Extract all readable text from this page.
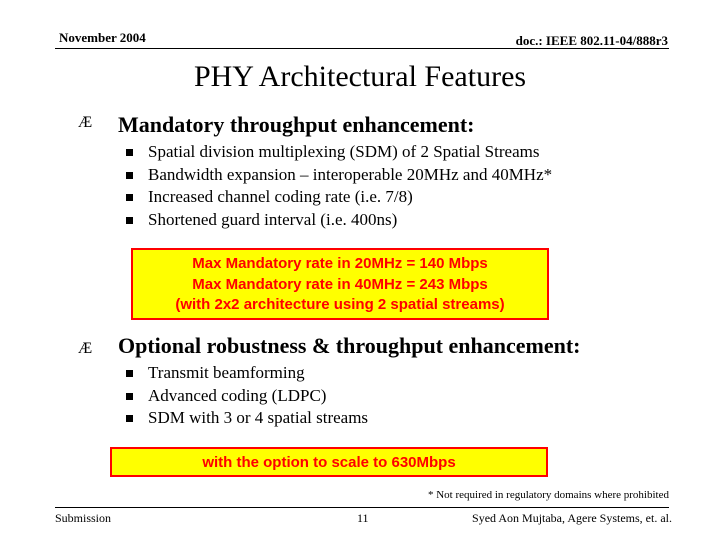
November 2004	doc.: IEEE 802.11-04/888r3
PHY Architectural Features
Æ Mandatory throughput enhancement:
Spatial division multiplexing (SDM) of 2 Spatial Streams
Bandwidth expansion – interoperable 20MHz and 40MHz*
Increased channel coding rate (i.e. 7/8)
Shortened guard interval (i.e. 400ns)
Max Mandatory rate in 20MHz = 140 Mbps
Max Mandatory rate in 40MHz = 243 Mbps
(with 2x2 architecture using 2 spatial streams)
Æ Optional robustness & throughput enhancement:
Transmit beamforming
Advanced coding (LDPC)
SDM with 3 or 4 spatial streams
with the option to scale to 630Mbps
* Not required in regulatory domains where prohibited
Submission	11	Syed Aon Mujtaba, Agere Systems, et. al.
